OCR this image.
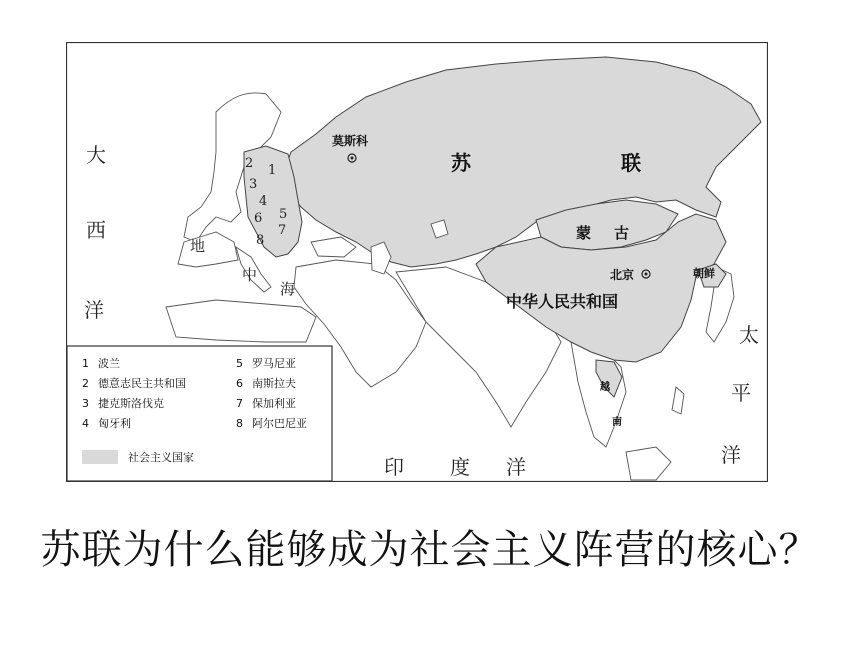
大
西
洋
地
中
海
太
平
洋
印 度 洋
苏	联
蒙 古
中华人民共和国
朝鲜
越
南
莫斯科
北京
2 1
3
4
5
6
7
8
1 波兰
2 德意志民主共和国
3 捷克斯洛伐克
4 匈牙利
5 罗马尼亚
6 南斯拉夫
7 保加利亚
8 阿尔巴尼亚
社会主义国家
苏联为什么能够成为社会主义阵营的核心？
